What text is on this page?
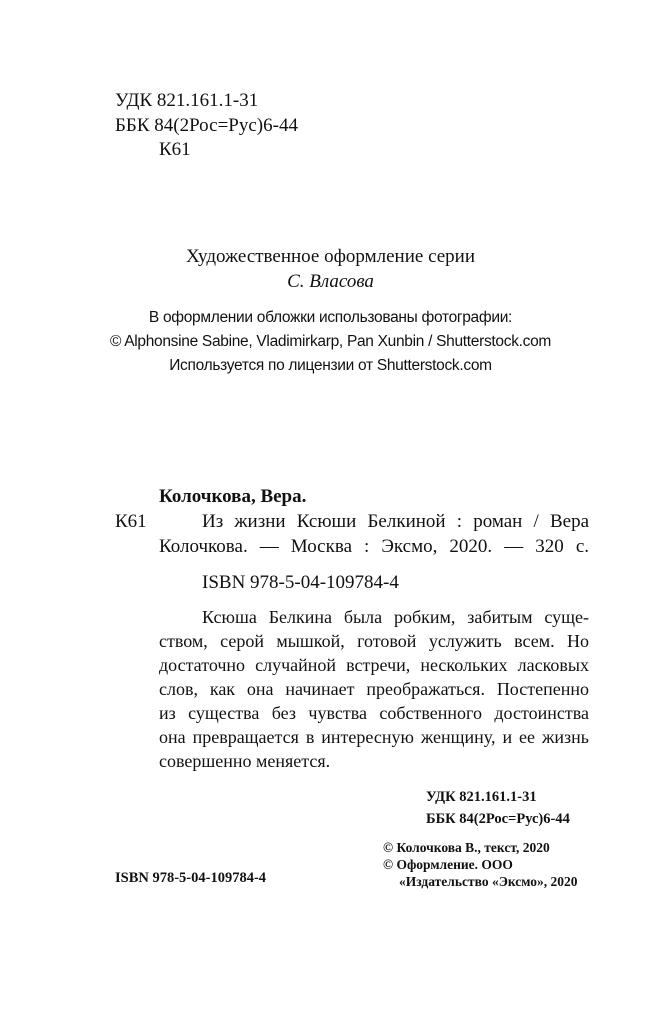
УДК 821.161.1-31
ББК 84(2Рос=Рус)6-44
К61
Художественное оформление серии
С. Власова
В оформлении обложки использованы фотографии:
© Alphonsine Sabine, Vladimirkarp, Pan Xunbin / Shutterstock.com
Используется по лицензии от Shutterstock.com
Колочкова, Вера.
К61	Из жизни Ксюши Белкиной : роман / Вера
Колочкова. — Москва : Эксмо, 2020. — 320 с.
ISBN 978-5-04-109784-4
Ксюша Белкина была робким, забитым суще-
ством, серой мышкой, готовой услужить всем. Но
достаточно случайной встречи, нескольких ласковых
слов, как она начинает преображаться. Постепенно
из существа без чувства собственного достоинства
она превращается в интересную женщину, и ее жизнь
совершенно меняется.
УДК 821.161.1-31
ББК 84(2Рос=Рус)6-44
ISBN 978-5-04-109784-4
© Колочкова В., текст, 2020
© Оформление. ООО
«Издательство «Эксмо», 2020
